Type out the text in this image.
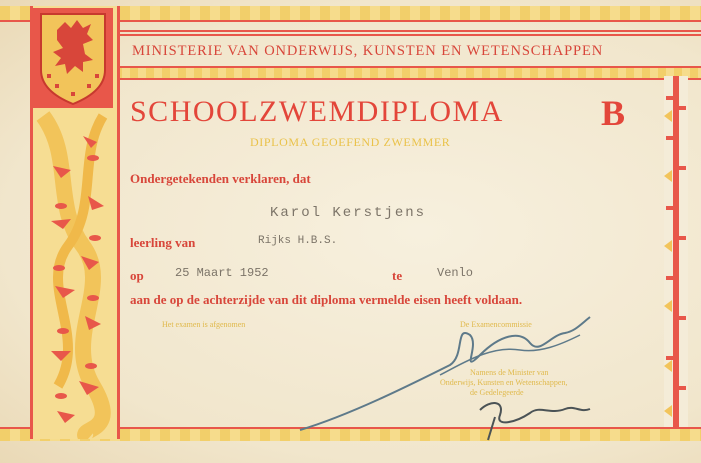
MINISTERIE VAN ONDERWIJS, KUNSTEN EN WETENSCHAPPEN
SCHOOLZWEMDIPLOMA	B
DIPLOMA GEOEFEND ZWEMMER
Ondergetekenden verklaren, dat
Karol Kerstjens
leerling van	Rijks H.B.S.
op	25 Maart 1952	te	Venlo
aan de op de achterzijde van dit diploma vermelde eisen heeft voldaan.
Het examen is afgenomen	De Examencommissie
Namens de Minister van
Onderwijs, Kunsten en Wetenschappen,
de Gedelegeerde
